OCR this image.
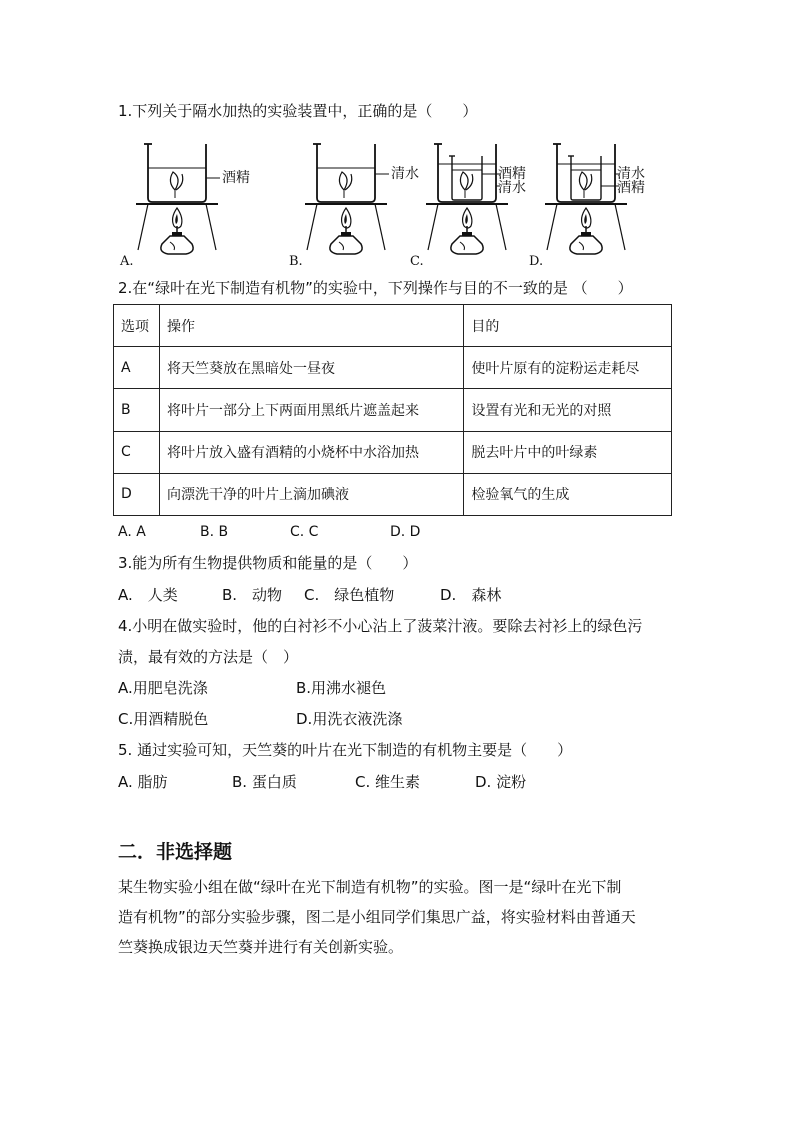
1.下列关于隔水加热的实验装置中，正确的是（　　）
酒精
A.
清水
B.
酒精
清水
C.
清水
酒精
D.
2.在“绿叶在光下制造有机物”的实验中，下列操作与目的不一致的是 （　　）
选项	操作	目的
A	将天竺葵放在黑暗处一昼夜	使叶片原有的淀粉运走耗尽
B	将叶片一部分上下两面用黑纸片遮盖起来	设置有光和无光的对照
C	将叶片放入盛有酒精的小烧杯中水浴加热	脱去叶片中的叶绿素
D	向漂洗干净的叶片上滴加碘液	检验氧气的生成
A. A	B. B	C. C	D. D
3.能为所有生物提供物质和能量的是（　　）
A.　人类	B.　动物 C.　绿色植物	D.　森林
4.小明在做实验时，他的白衬衫不小心沾上了菠菜汁液。要除去衬衫上的绿色污
渍，最有效的方法是（　）
A.用肥皂洗涤	B.用沸水褪色
C.用酒精脱色	D.用洗衣液洗涤
5. 通过实验可知，天竺葵的叶片在光下制造的有机物主要是（　　）
A. 脂肪	B. 蛋白质	C. 维生素	D. 淀粉
二．非选择题
某生物实验小组在做“绿叶在光下制造有机物”的实验。图一是“绿叶在光下制
造有机物”的部分实验步骤，图二是小组同学们集思广益，将实验材料由普通天
竺葵换成银边天竺葵并进行有关创新实验。
